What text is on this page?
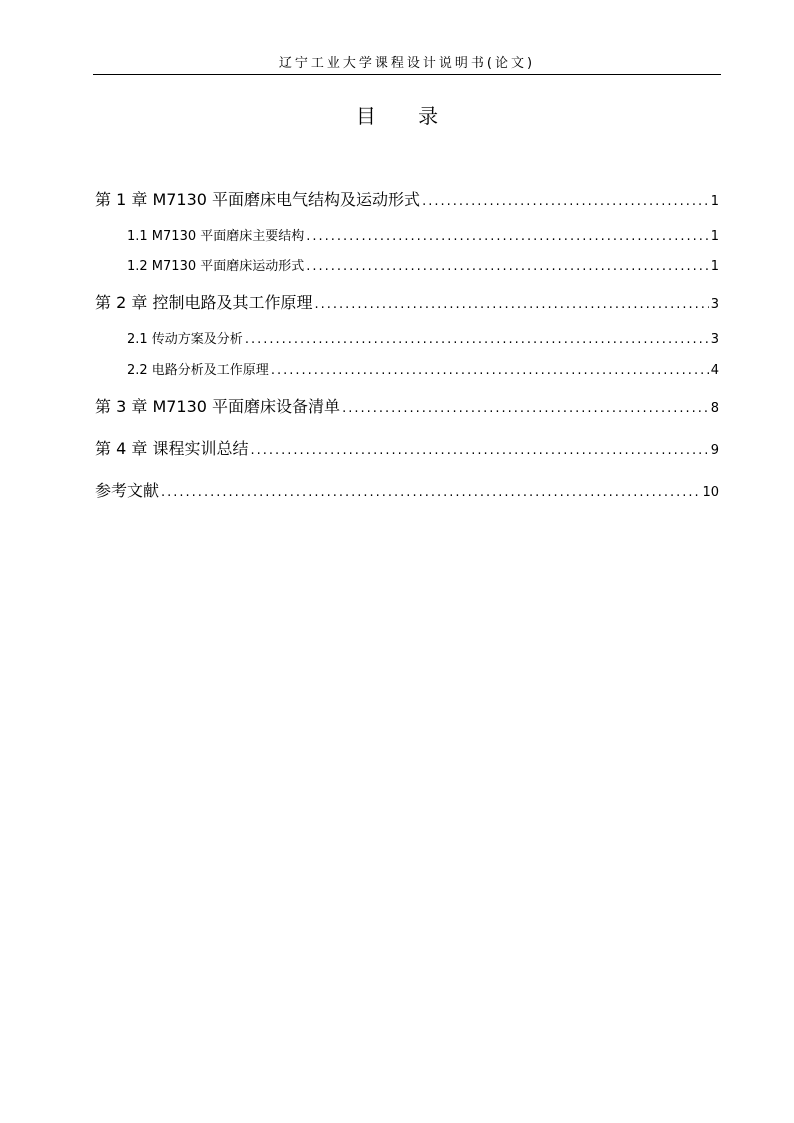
辽宁工业大学课程设计说明书(论文)
目 录
第 1 章 M7130 平面磨床电气结构及运动形式 .....	1
1.1 M7130 平面磨床主要结构 .....	1
1.2 M7130 平面磨床运动形式 .....	1
第 2 章 控制电路及其工作原理 .....	3
2.1 传动方案及分析 .....	3
2.2 电路分析及工作原理 .....	4
第 3 章 M7130 平面磨床设备清单 .....	8
第 4 章 课程实训总结 .....	9
参考文献 .....	10
